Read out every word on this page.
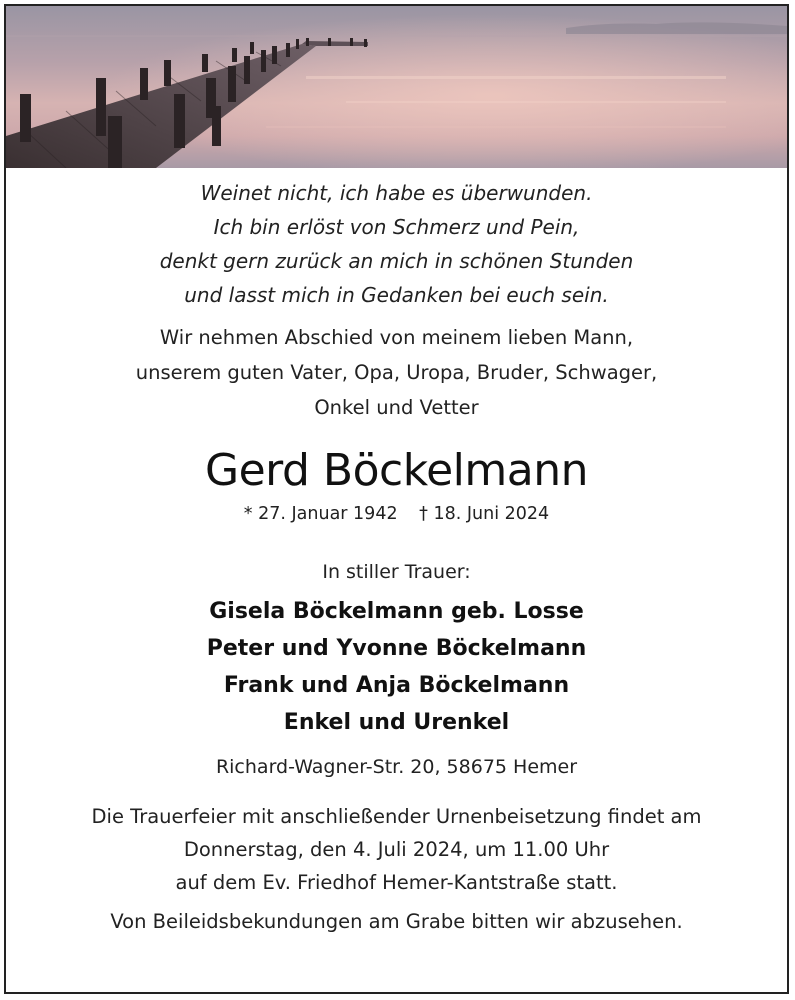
Weinet nicht, ich habe es überwunden.
Ich bin erlöst von Schmerz und Pein,
denkt gern zurück an mich in schönen Stunden
und lasst mich in Gedanken bei euch sein.
Wir nehmen Abschied von meinem lieben Mann,
unserem guten Vater, Opa, Uropa, Bruder, Schwager,
Onkel und Vetter
Gerd Böckelmann
* 27. Januar 1942 † 18. Juni 2024
In stiller Trauer:
Gisela Böckelmann geb. Losse
Peter und Yvonne Böckelmann
Frank und Anja Böckelmann
Enkel und Urenkel
Richard-Wagner-Str. 20, 58675 Hemer
Die Trauerfeier mit anschließender Urnenbeisetzung findet am
Donnerstag, den 4. Juli 2024, um 11.00 Uhr
auf dem Ev. Friedhof Hemer-Kantstraße statt.
Von Beileidsbekundungen am Grabe bitten wir abzusehen.
